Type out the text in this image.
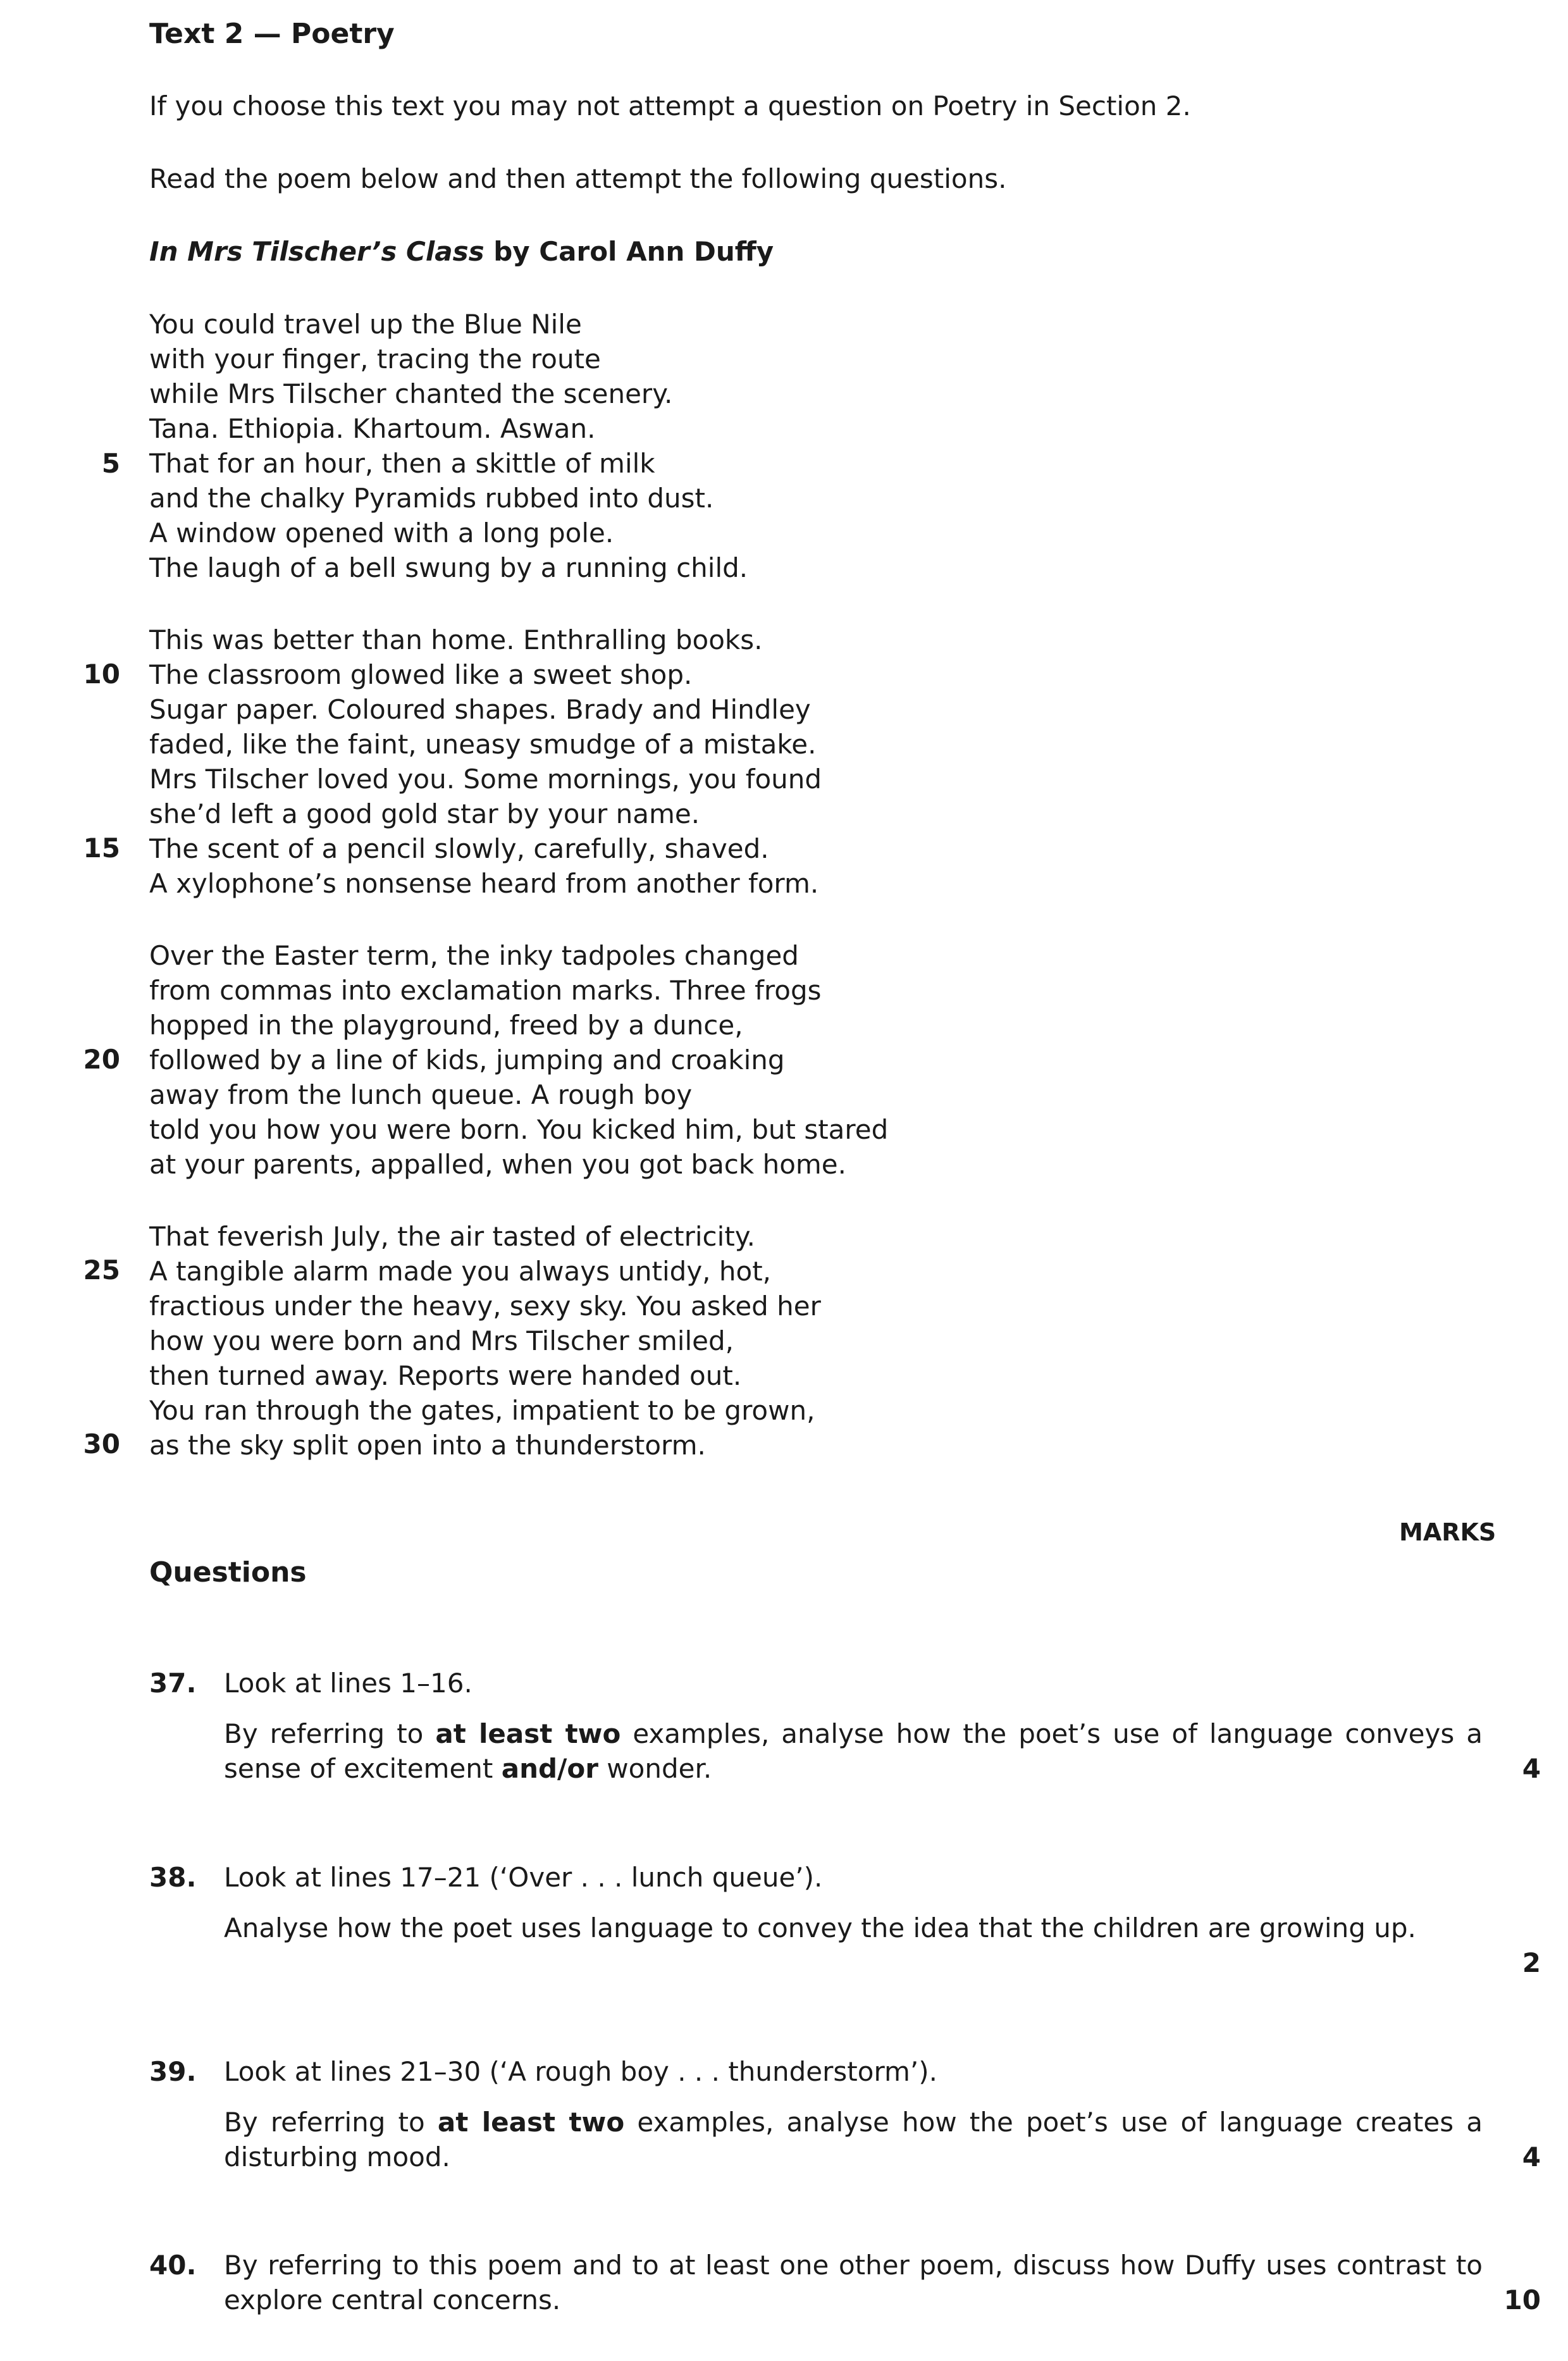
Text 2 — Poetry
If you choose this text you may not attempt a question on Poetry in Section 2.
Read the poem below and then attempt the following questions.
In Mrs Tilscher’s Class by Carol Ann Duffy
You could travel up the Blue Nile
with your finger, tracing the route
while Mrs Tilscher chanted the scenery.
Tana. Ethiopia. Khartoum. Aswan.
That for an hour, then a skittle of milk
and the chalky Pyramids rubbed into dust.
A window opened with a long pole.
The laugh of a bell swung by a running child.
This was better than home. Enthralling books.
The classroom glowed like a sweet shop.
Sugar paper. Coloured shapes. Brady and Hindley
faded, like the faint, uneasy smudge of a mistake.
Mrs Tilscher loved you. Some mornings, you found
she’d left a good gold star by your name.
The scent of a pencil slowly, carefully, shaved.
A xylophone’s nonsense heard from another form.
Over the Easter term, the inky tadpoles changed
from commas into exclamation marks. Three frogs
hopped in the playground, freed by a dunce,
followed by a line of kids, jumping and croaking
away from the lunch queue. A rough boy
told you how you were born. You kicked him, but stared
at your parents, appalled, when you got back home.
That feverish July, the air tasted of electricity.
A tangible alarm made you always untidy, hot,
fractious under the heavy, sexy sky. You asked her
how you were born and Mrs Tilscher smiled,
then turned away. Reports were handed out.
You ran through the gates, impatient to be grown,
as the sky split open into a thunderstorm.
5
10
15
20
25
30
MARKS
Questions
37. Look at lines 1–16.
By referring to at least two examples, analyse how the poet’s use of language conveys a sense of excitement and/or wonder.	4
38. Look at lines 17–21 (‘Over . . . lunch queue’).
Analyse how the poet uses language to convey the idea that the children are growing up.
2
39. Look at lines 21–30 (‘A rough boy . . . thunderstorm’).
By referring to at least two examples, analyse how the poet’s use of language creates a disturbing mood.	4
40. By referring to this poem and to at least one other poem, discuss how Duffy uses contrast to explore central concerns.	10
